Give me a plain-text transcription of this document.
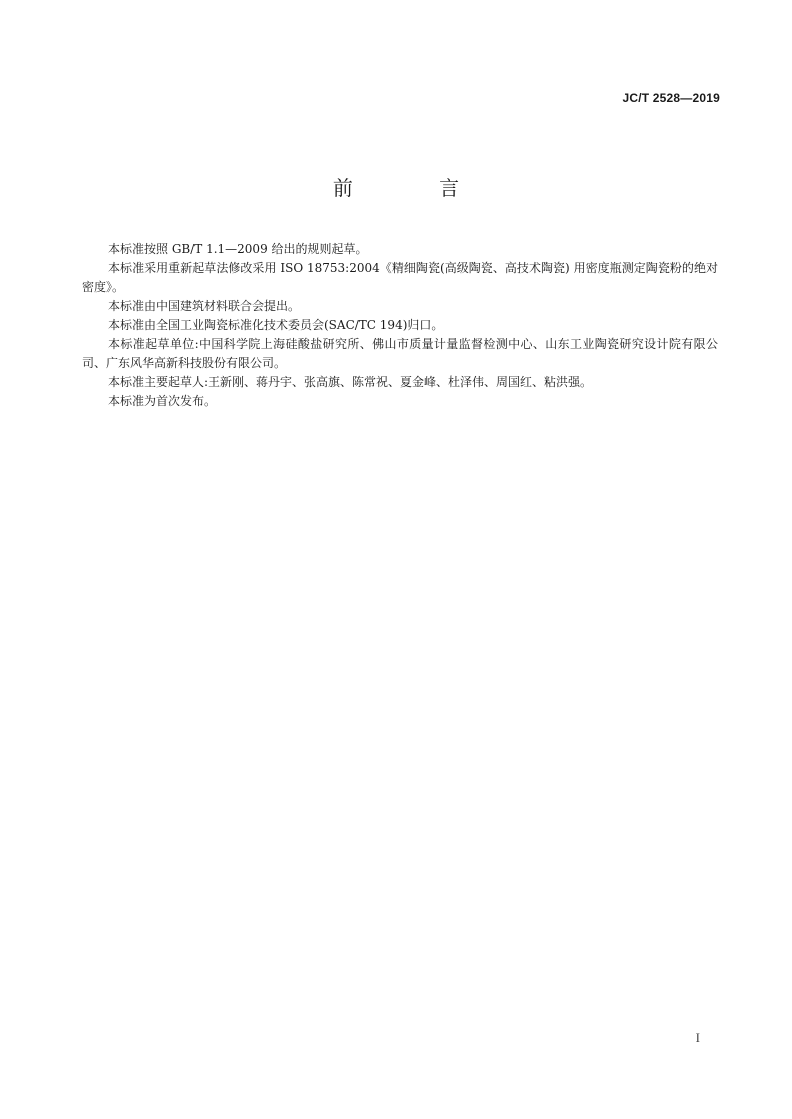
JC/T 2528—2019
前 言

本标准按照 GB/T 1.1—2009 给出的规则起草。

本标准采用重新起草法修改采用 ISO 18753:2004《精细陶瓷(高级陶瓷、高技术陶瓷) 用密度瓶测定陶瓷粉的绝对密度》。

本标准由中国建筑材料联合会提出。

本标准由全国工业陶瓷标准化技术委员会(SAC/TC 194)归口。

本标准起草单位:中国科学院上海硅酸盐研究所、佛山市质量计量监督检测中心、山东工业陶瓷研究设计院有限公司、广东风华高新科技股份有限公司。

本标准主要起草人:王新刚、蒋丹宇、张高旗、陈常祝、夏金峰、杜泽伟、周国红、粘洪强。

本标准为首次发布。

I
